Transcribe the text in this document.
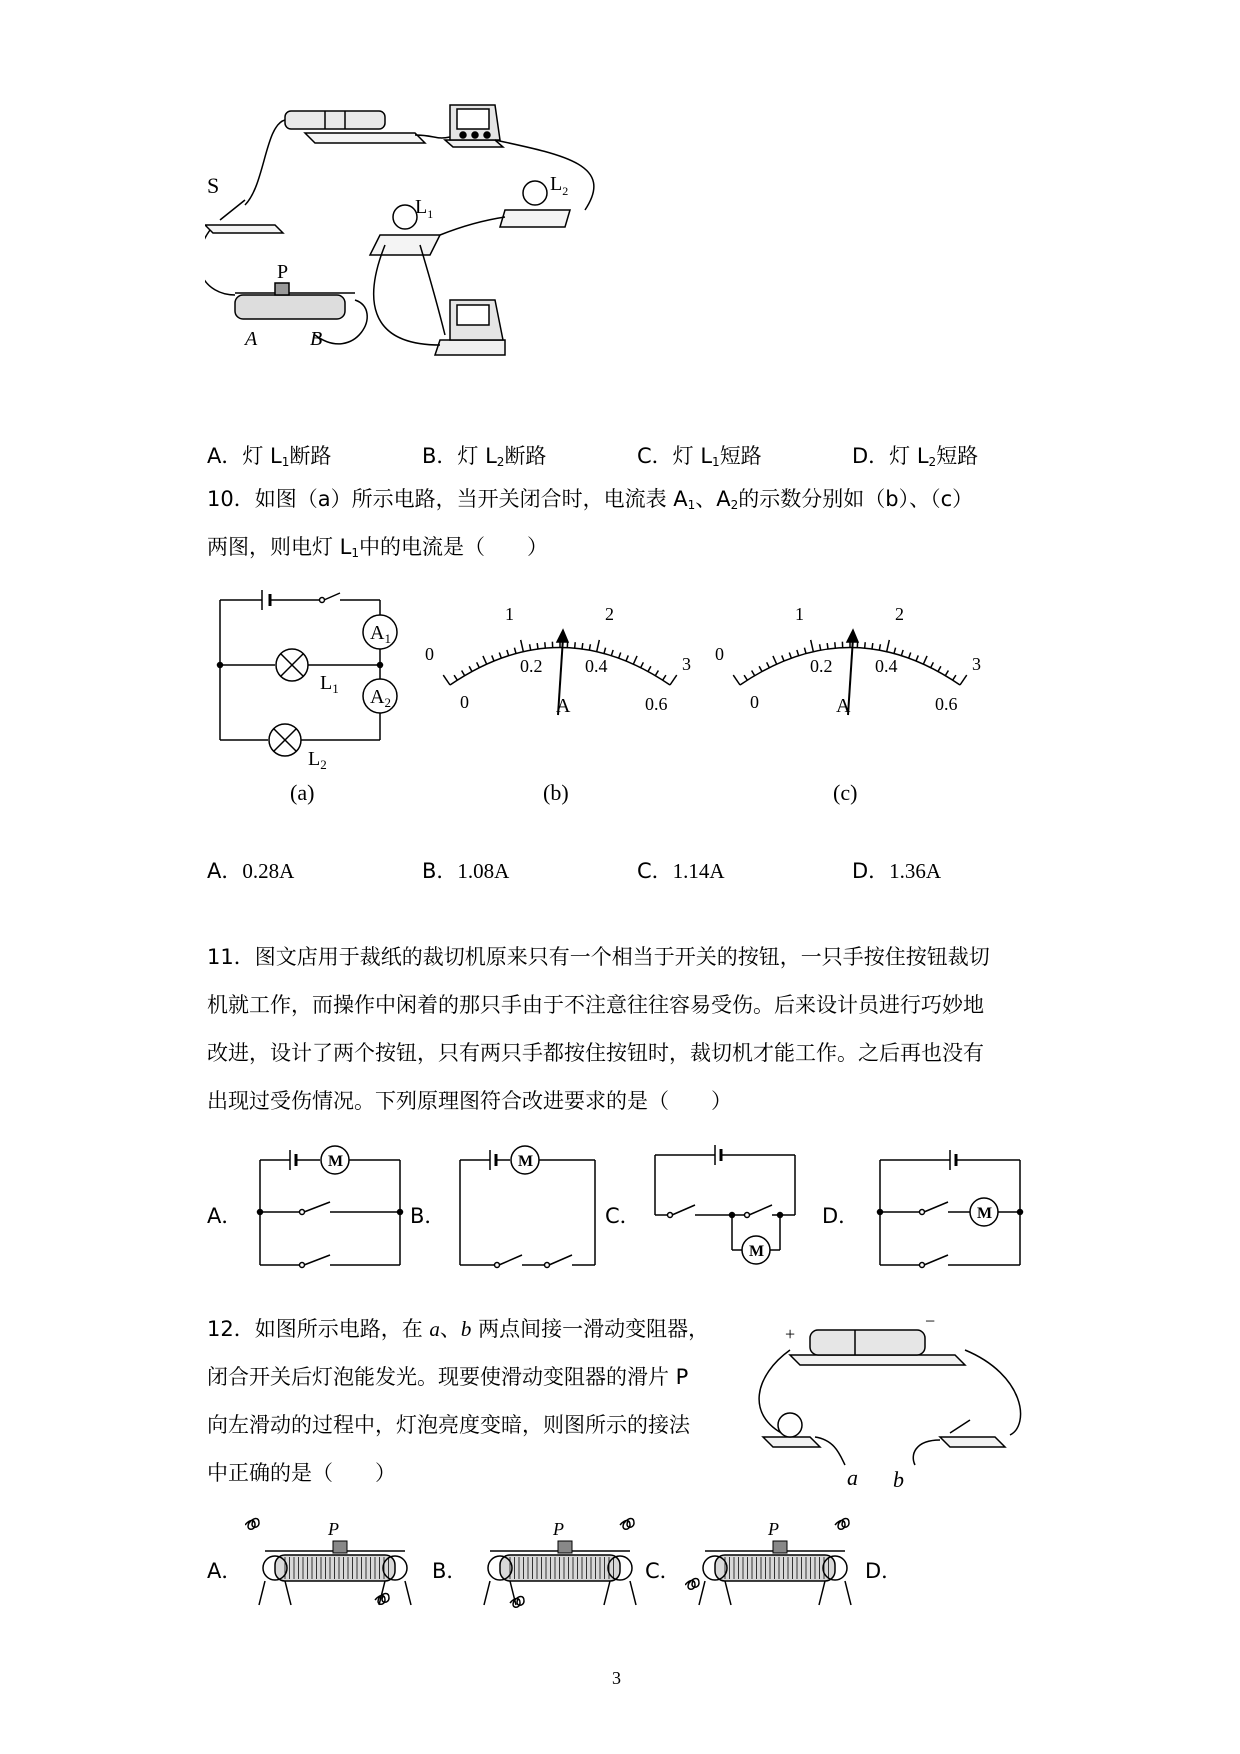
S
P
A	B
$L_1$
$L_2$
A．灯 $L_1$断路	B．灯 $L_2$断路	C．灯 $L_1$短路	D．灯 $L_2$短路
10．如图（a）所示电路，当开关闭合时，电流表 $A_1$、$A_2$的示数分别如（b）、（c）
两图，则电灯 $L_1$中的电流是（　　）
$A_1$
$A_2$
$L_1$
$L_2$
(a)
0
1	2
3
0
0.2 0.4
0.6
A
(b)
0
1	2
3
0
0.2 0.4
0.6
A
(c)
A．0.28A	B．1.08A	C．1.14A	D．1.36A
11．图文店用于裁纸的裁切机原来只有一个相当于开关的按钮，一只手按住按钮裁切
机就工作，而操作中闲着的那只手由于不注意往往容易受伤。后来设计员进行巧妙地
改进，设计了两个按钮，只有两只手都按住按钮时，裁切机才能工作。之后再也没有
出现过受伤情况。下列原理图符合改进要求的是（　　）
A．
M
B．
M
C．
M
D．	M
12．如图所示电路，在 a、b 两点间接一滑动变阻器，
闭合开关后灯泡能发光。现要使滑动变阻器的滑片 P
向左滑动的过程中，灯泡亮度变暗，则图所示的接法
中正确的是（　　）
+
−
a b
A．
P
B．
P
C．
P
D．
3
